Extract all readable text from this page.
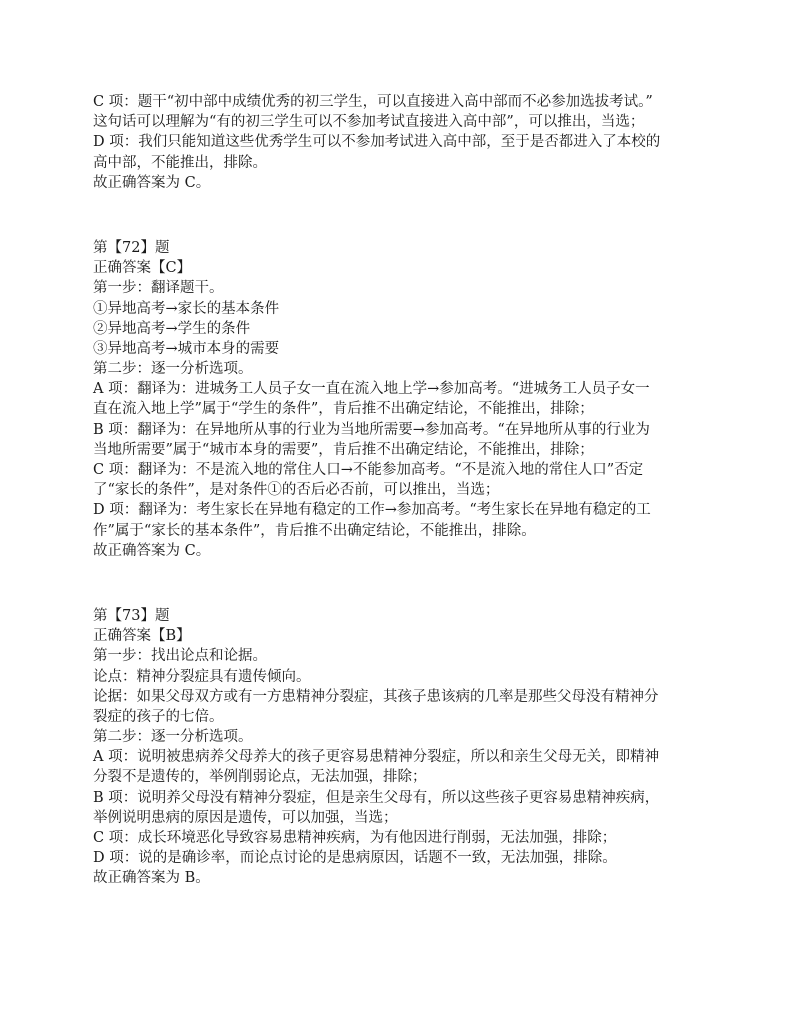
C 项：题干“初中部中成绩优秀的初三学生，可以直接进入高中部而不必参加选拔考试。”
这句话可以理解为“有的初三学生可以不参加考试直接进入高中部”，可以推出，当选；
D 项：我们只能知道这些优秀学生可以不参加考试进入高中部，至于是否都进入了本校的
高中部，不能推出，排除。
故正确答案为 C。
第【72】题
正确答案【C】
第一步：翻译题干。
①异地高考→家长的基本条件
②异地高考→学生的条件
③异地高考→城市本身的需要
第二步：逐一分析选项。
A 项：翻译为：进城务工人员子女一直在流入地上学→参加高考。“进城务工人员子女一
直在流入地上学”属于“学生的条件”，肯后推不出确定结论，不能推出，排除；
B 项：翻译为：在异地所从事的行业为当地所需要→参加高考。“在异地所从事的行业为
当地所需要”属于“城市本身的需要”，肯后推不出确定结论，不能推出，排除；
C 项：翻译为：不是流入地的常住人口→不能参加高考。“不是流入地的常住人口”否定
了“家长的条件”，是对条件①的否后必否前，可以推出，当选；
D 项：翻译为：考生家长在异地有稳定的工作→参加高考。“考生家长在异地有稳定的工
作”属于“家长的基本条件”，肯后推不出确定结论，不能推出，排除。
故正确答案为 C。
第【73】题
正确答案【B】
第一步：找出论点和论据。
论点：精神分裂症具有遗传倾向。
论据：如果父母双方或有一方患精神分裂症，其孩子患该病的几率是那些父母没有精神分
裂症的孩子的七倍。
第二步：逐一分析选项。
A 项：说明被患病养父母养大的孩子更容易患精神分裂症，所以和亲生父母无关，即精神
分裂不是遗传的，举例削弱论点，无法加强，排除；
B 项：说明养父母没有精神分裂症，但是亲生父母有，所以这些孩子更容易患精神疾病，
举例说明患病的原因是遗传，可以加强，当选；
C 项：成长环境恶化导致容易患精神疾病，为有他因进行削弱，无法加强，排除；
D 项：说的是确诊率，而论点讨论的是患病原因，话题不一致，无法加强，排除。
故正确答案为 B。
